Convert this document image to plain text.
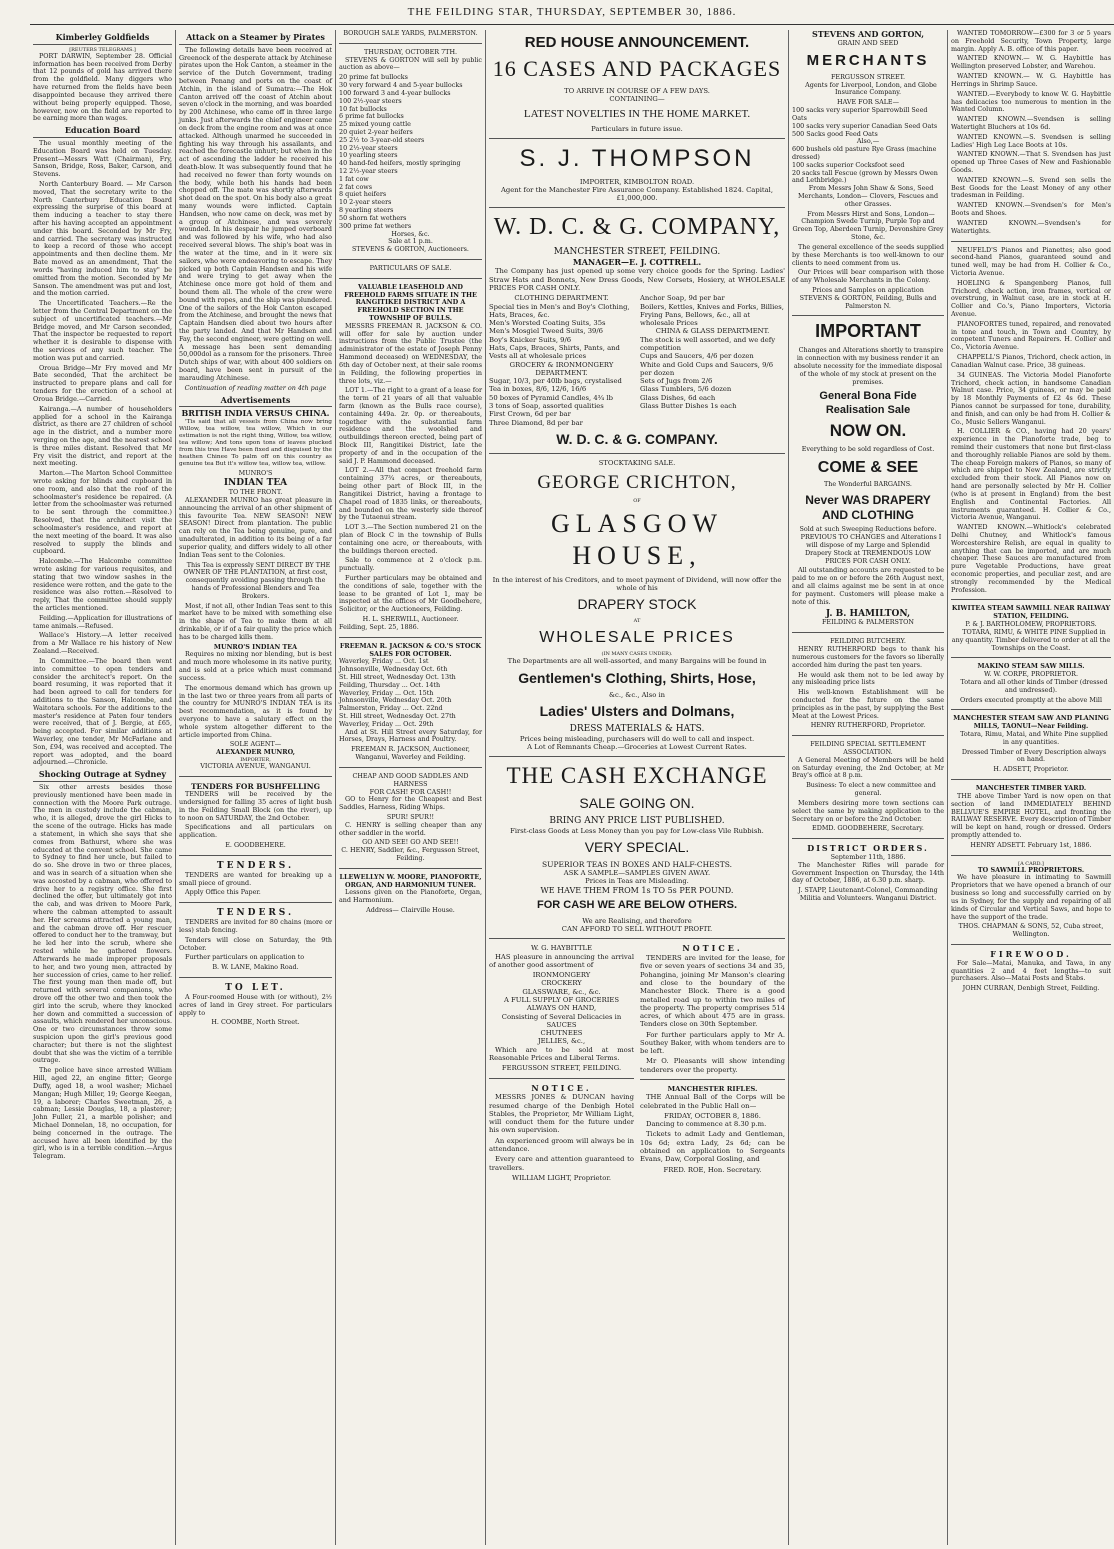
THE FEILDING STAR, THURSDAY, SEPTEMBER 30, 1886.
Kimberley Goldfields
[REUTERS TELEGRAMS.]

PORT DARWIN, September 28. Official information has been received from Derby that 12 pounds of gold has arrived there from the goldfield. Many diggers who have returned from the fields have been disappointed because they arrived there without being properly equipped. Those, however, now on the field are reported to be earning more than wages.

Education Board

The usual monthly meeting of the Education Board was held on Tuesday. Present—Messrs Watt (Chairman), Fry, Sanson, Bridge, Ross, Baker, Carson, and Stevens.

North Canterbury Board. — Mr Carson moved, That the secretary write to the North Canterbury Education Board expressing the surprise of this board at them inducing a teacher to stay there after his having accepted an appointment under this board. Seconded by Mr Fry, and carried. The secretary was instructed to keep a record of those who accept appointments and then decline them. Mr Bate moved as an amendment, That the words "having induced him to stay" be omitted from the motion. Seconded by Mr Sanson. The amendment was put and lost, and the motion carried.

The Uncertificated Teachers.—Re the letter from the Central Department on the subject of uncertificated teachers.—Mr Bridge moved, and Mr Carson seconded, That the inspector be requested to report whether it is desirable to dispense with the services of any such teacher. The motion was put and carried.

Oroua Bridge—Mr Fry moved and Mr Bate seconded, That the architect be instructed to prepare plans and call for tenders for the erection of a school at Oroua Bridge.—Carried.

Kairanga.—A number of householders applied for a school in the Kairanga district, as there are 27 children of school age in the district, and a number more verging on the age, and the nearest school is three miles distant. Resolved that Mr Fry visit the district, and report at the next meeting.

Marton.—The Marton School Committee wrote asking for blinds and cupboard in one room, and also that the roof of the schoolmaster's residence be repaired. (A letter from the schoolmaster was returned to be sent through the committee.) Resolved, that the architect visit the schoolmaster's residence, and report at the next meeting of the board. It was also resolved to supply the blinds and cupboard.

Halcombe.—The Halcombe committee wrote asking for various requisites, and stating that two window sashes in the residence were rotten, and the gate to the residence was also rotten.—Resolved to reply, That the committee should supply the articles mentioned.

Feilding.—Application for illustrations of tame animals.—Refused.

Wallace's History.—A letter received from a Mr Wallace re his history of New Zealand.—Received.

In Committee.—The board then went into committee to open tenders and consider the architect's report. On the board resuming, it was reported that it had been agreed to call for tenders for additions to the Sanson, Halcombe, and Waitotara schools. For the additions to the master's residence at Paten four tenders were received, that of J. Bergie, at £65, being accepted. For similar additions at Waverley, one tender, Mr McFarlane and Son, £94, was received and accepted. The report was adopted, and the board adjourned.—Chronicle.

Shocking Outrage at Sydney

Six other arrests besides those previously mentioned have been made in connection with the Moore Park outrage. The men in custody include the cabman, who, it is alleged, drove the girl Hicks to the scene of the outrage. Hicks has made a statement, in which she says that she comes from Bathurst, where she was educated at the convent school. She came to Sydney to find her uncle, but failed to do so. She drove in two or three places, and was in search of a situation when she was accosted by a cabman, who offered to drive her to a registry office. She first declined the offer, but ultimately got into the cab, and was driven to Moore Park, where the cabman attempted to assault her. Her screams attracted a young man, and the cabman drove off. Her rescuer offered to conduct her to the tramway, but he led her into the scrub, where she rested while he gathered flowers. Afterwards he made improper proposals to her, and two young men, attracted by her succession of cries, came to her relief. The first young man then made off, but returned with several companions, who drove off the other two and then took the girl into the scrub, where they knocked her down and committed a succession of assaults, which rendered her unconscious. One or two circumstances throw some suspicion upon the girl's previous good character; but there is not the slightest doubt that she was the victim of a terrible outrage.

The police have since arrested William Hill, aged 22, an engine fitter; George Duffy, aged 18, a wool washer; Michael Mangan; Hugh Miller, 19; George Keegan, 19, a laborer; Charles Sweetman, 26, a cabman; Lessie Douglas, 18, a plasterer; John Fuller, 21, a marble polisher; and Michael Donnelan, 18, no occupation, for being concerned in the outrage. The accused have all been identified by the girl, who is in a terrible condition.—Argus Telegram.

Attack on a Steamer by Pirates

The following details have been received at Greenock of the desperate attack by Atchinese pirates upon the Hok Canton, a steamer in the service of the Dutch Government, trading between Penang and ports on the coast of Atchin, in the island of Sumatra:—The Hok Canton arrived off the coast of Atchin about seven o'clock in the morning, and was boarded by 200 Atchinese, who came off in three large junks. Just afterwards the chief engineer came on deck from the engine room and was at once attacked. Although unarmed he succeeded in fighting his way through his assailants, and reached the forecastle unhurt; but when in the act of ascending the ladder he received his death-blow. It was subsequently found that he had received no fewer than forty wounds on the body, while both his hands had been chopped off. The mate was shortly afterwards shot dead on the spot. On his body also a great many wounds were inflicted. Captain Handsen, who now came on deck, was met by a group of Atchinese, and was severely wounded. In his despair he jumped overboard and was followed by his wife, who had also received several blows. The ship's boat was in the water at the time, and in it were six sailors, who were endeavoring to escape. They picked up both Captain Handsen and his wife and were trying to get away when the Atchinese once more got hold of them and bound them all. The whole of the crew were bound with ropes, and the ship was plundered. One of the sailors of the Hok Canton escaped from the Atchinese, and brought the news that Captain Handsen died about two hours after the party landed. And that Mr Handsen and Fay, the second engineer, were getting on well. A message has been sent demanding 50,000dol as a ransom for the prisoners. Three Dutch ships of war, with about 400 soldiers on board, have been sent in pursuit of the marauding Atchinese.

Continuation of reading matter on 4th page
Advertisements
BRITISH INDIA VERSUS CHINA.

'Tis said that all vessels from China now bring Willow, tea willow, tea willow, Which in our estimation is not the right thing, Willow, tea willow, tea willow; And tons upon tons of leaves plucked from this tree Have been fixed and disguised by the heathen Chinee To palm off on this country as genuine tea But it's willow tea, willow tea, willow.

MUNRO'S
INDIAN TEA
TO THE FRONT.

ALEXANDER MUNRO has great pleasure in announcing the arrival of an other shipment of this favourite Tea. NEW SEASON! NEW SEASON! Direct from plantation. The public can rely on the Tea being genuine, pure, and unadulterated, in addition to its being of a far superior quality, and differs widely to all other Indian Teas sent to the Colonies.

This Tea is expressly SENT DIRECT BY THE OWNER OF THE PLANTATION, at first cost, consequently avoiding passing through the hands of Professional Blenders and Tea Brokers.

Most, if not all, other Indian Teas sent to this market have to be mixed with something else in the shape of Tea to make them at all drinkable, or if of a fair quality the price which has to be charged kills them.

MUNRO'S INDIAN TEA

Requires no mixing nor blending, but is best and much more wholesome in its native purity, and is sold at a price which must command success.

The enormous demand which has grown up in the last two or three years from all parts of the country for MUNRO'S INDIAN TEA is its best recommendation, as it is found by everyone to have a salutary effect on the whole system altogether different to the article imported from China.

SOLE AGENT—
ALEXANDER MUNRO,
IMPORTER,
VICTORIA AVENUE, WANGANUI.
TENDERS FOR BUSHFELLING

TENDERS will be received by the undersigned for falling 35 acres of light bush in the Feilding Small Block (on the river), up to noon on SATURDAY, the 2nd October.

Specifications and all particulars on application.

E. GOODBEHERE.
TENDERS.

TENDERS are wanted for breaking up a small piece of ground.

Apply Office this Paper.

TENDERS.

TENDERS are invited for 80 chains (more or less) stab fencing.

Tenders will close on Saturday, the 9th October.

Further particulars on application to

B. W. LANE, Makino Road.
TO LET.

A Four-roomed House with (or without), 2½ acres of land in Grey street. For particulars apply to

H. COOMBE, North Street.
BOROUGH SALE YARDS, PALMERSTON.
THURSDAY, OCTOBER 7TH.

STEVENS & GORTON will sell by public auction as above—

20 prime fat bullocks
30 very forward 4 and 5-year bullocks
100 forward 3 and 4-year bullocks
100 2½-year steers
10 fat bullocks
6 prime fat bullocks
25 mixed young cattle
20 quiet 2-year heifers
25 2½ to 3-year-old steers
10 2½-year steers
10 yearling steers
40 hand-fed heifers, mostly springing
12 2½-year steers
1 fat cow
2 fat cows
8 quiet heifers
10 2-year steers
8 yearling steers
50 shorn fat wethers
300 prime fat wethers
Horses, &c.
Sale at 1 p.m.
STEVENS & GORTON, Auctioneers.
PARTICULARS OF SALE.
VALUABLE LEASEHOLD AND FREEHOLD FARMS SITUATE IN THE RANGITIKEI DISTRICT AND A FREEHOLD SECTION IN THE TOWNSHIP OF BULLS.

MESSRS FREEMAN R. JACKSON & CO. will offer for sale by auction under instructions from the Public Trustee (the administrator of the estate of Joseph Penny Hammond deceased) on WEDNESDAY, the 6th day of October next, at their sale rooms in Feilding, the following properties in three lots, viz.—

LOT 1.—The right to a grant of a lease for the term of 21 years of all that valuable farm (known as the Bulls race course), containing 449a. 2r. 0p. or thereabouts, together with the substantial farm residence and the woolshed and outbuildings thereon erected, being part of Block III, Rangitikei District, late the property of and in the occupation of the said J. P. Hammond deceased.

LOT 2.—All that compact freehold farm containing 37¾ acres, or thereabouts, being other part of Block III, in the Rangitikei District, having a frontage to Chapel road of 1835 links, or thereabouts, and bounded on the westerly side thereof by the Tutaenui stream.

LOT 3.—The Section numbered 21 on the plan of Block C in the township of Bulls containing one acre, or thereabouts, with the buildings thereon erected.

Sale to commence at 2 o'clock p.m. punctually.

Further particulars may be obtained and the conditions of sale, together with the lease to be granted of Lot 1, may be inspected at the offices of Mr Goodbehere, Solicitor, or the Auctioneers, Feilding.

H. L. SHERWILL, Auctioneer.
Feilding, Sept. 25, 1886.
FREEMAN R. JACKSON & CO.'S STOCK SALES FOR OCTOBER.
Waverley, Friday ... Oct. 1st
Johnsonville, Wednesday Oct. 6th
St. Hill street, Wednesday Oct. 13th
Feilding, Thursday ... Oct. 14th
Waverley, Friday ... Oct. 15th
Johnsonville, Wednesday Oct. 20th
Palmerston, Friday ... Oct. 22nd
St. Hill street, Wednesday Oct. 27th
Waverley, Friday ... Oct. 29th

And at St. Hill Street every Saturday, for Horses, Drays, Harness and Poultry.

FREEMAN R. JACKSON, Auctioneer, Wanganui, Waverley and Feilding.
CHEAP AND GOOD SADDLES AND HARNESS
FOR CASH! FOR CASH!!

GO to Henry for the Cheapest and Best Saddles, Harness, Riding Whips.

SPUR! SPUR!!

C. HENRY is selling cheaper than any other saddler in the world.

GO AND SEE! GO AND SEE!!
C. HENRY, Saddler, &c., Fergusson Street, Feilding.
LLEWELLYN W. MOORE, PIANOFORTE, ORGAN, AND HARMONIUM TUNER.

Lessons given on the Pianoforte, Organ, and Harmonium.

Address— Clairville House.
RED HOUSE ANNOUNCEMENT.
16 CASES AND PACKAGES
TO ARRIVE IN COURSE OF A FEW DAYS.
CONTAINING—
LATEST NOVELTIES IN THE HOME MARKET.
Particulars in future issue.
S. J. THOMPSON
IMPORTER, KIMBOLTON ROAD.
Agent for the Manchester Fire Assurance Company. Established 1824. Capital, £1,000,000.
W. D. C. & G. COMPANY,
MANCHESTER STREET, FEILDING.
MANAGER—E. J. COTTRELL.

The Company has just opened up some very choice goods for the Spring. Ladies' Straw Hats and Bonnets, New Dress Goods, New Corsets, Hosiery, at WHOLESALE PRICES FOR CASH ONLY.

CLOTHING DEPARTMENT.
Special ties in Men's and Boy's Clothing, Hats, Braces, &c.
Men's Worsted Coating Suits, 35s
Men's Mosgiel Tweed Suits, 39/6
Boy's Knicker Suits, 9/6
Hats, Caps, Braces, Shirts, Pants, and Vests all at wholesale prices
GROCERY & IRONMONGERY DEPARTMENT.
Sugar, 10/3, per 40lb bags, crystalised
Tea in boxes, 8/6, 12/6, 16/6
50 boxes of Pyramid Candles, 4¾ lb
3 tons of Soap, assorted qualities
First Crown, 6d per bar
Three Diamond, 8d per bar
Anchor Soap, 9d per bar
Boilers, Kettles, Knives and Forks, Billies, Frying Pans, Bellows, &c., all at wholesale Prices
CHINA & GLASS DEPARTMENT.
The stock is well assorted, and we defy competition
Cups and Saucers, 4/6 per dozen
White and Gold Cups and Saucers, 9/6 per dozen
Sets of Jugs from 2/6
Glass Tumblers, 5/6 dozen
Glass Dishes, 6d each
Glass Butter Dishes 1s each
W. D. C. & G. COMPANY.
STOCKTAKING SALE.
GEORGE CRICHTON,
OF
GLASGOW HOUSE,
In the interest of his Creditors, and to meet payment of Dividend, will now offer the whole of his
DRAPERY STOCK
AT
WHOLESALE PRICES
(IN MANY CASES UNDER).
The Departments are all well-assorted, and many Bargains will be found in
Gentlemen's Clothing, Shirts, Hose,
&c., &c., Also in
Ladies' Ulsters and Dolmans,
DRESS MATERIALS & HATS.
Prices being misleading, purchasers will do well to call and inspect.
A Lot of Remnants Cheap.—Groceries at Lowest Current Rates.
THE CASH EXCHANGE
SALE GOING ON.
BRING ANY PRICE LIST PUBLISHED.
First-class Goods at Less Money than you pay for Low-class Vile Rubbish.
VERY SPECIAL.
SUPERIOR TEAS IN BOXES AND HALF-CHESTS.
ASK A SAMPLE—SAMPLES GIVEN AWAY.
Prices in Teas are Misleading.
WE HAVE THEM FROM 1s TO 5s PER POUND.
FOR CASH WE ARE BELOW OTHERS.
We are Realising, and therefore
CAN AFFORD TO SELL WITHOUT PROFIT.
W. G. HAYBITTLE

HAS pleasure in announcing the arrival of another good assortment of

IRONMONGERY
CROCKERY
GLASSWARE, &c., &c.
A FULL SUPPLY OF GROCERIES ALWAYS ON HAND,
Consisting of Several Delicacies in
SAUCES
CHUTNEES
JELLIES, &c.,

Which are to be sold at most Reasonable Prices and Liberal Terms.

FERGUSSON STREET, FEILDING.
NOTICE.

MESSRS JONES & DUNCAN having resumed charge of the Denbigh Hotel Stables, the Proprietor, Mr William Light, will conduct them for the future under his own supervision.

An experienced groom will always be in attendance.

Every care and attention guaranteed to travellers.

WILLIAM LIGHT, Proprietor.
NOTICE.

TENDERS are invited for the lease, for five or seven years of sections 34 and 35, Pohangina, joining Mr Manson's clearing and close to the boundary of the Manchester Block. There is a good metalled road up to within two miles of the property. The property comprises 514 acres, of which about 475 are in grass. Tenders close on 30th September.

For further particulars apply to Mr A. Southey Baker, with whom tenders are to be left.

Mr O. Pleasants will show intending tenderers over the property.

MANCHESTER RIFLES.

THE Annual Ball of the Corps will be celebrated in the Public Hall on—

FRIDAY, OCTOBER 8, 1886.

Dancing to commence at 8.30 p.m.

Tickets to admit Lady and Gentleman, 10s 6d; extra Lady, 2s 6d; can be obtained on application to Sergeants Evans, Daw, Corporal Gosling, and

FRED. ROE, Hon. Secretary.
STEVENS AND GORTON,
GRAIN AND SEED
MERCHANTS
FERGUSSON STREET.

Agents for Liverpool, London, and Globe Insurance Company.

HAVE FOR SALE—
100 sacks very superior Sparrowbill Seed Oats
100 sacks very superior Canadian Seed Oats
500 Sacks good Feed Oats
Also,—
600 bushels old pasture Rye Grass (machine dressed)
100 sacks superior Cocksfoot seed
20 sacks tall Fescue (grown by Messrs Owen and Lethbridge.)

From Messrs John Shaw & Sons, Seed Merchants, London— Clovers, Fescues and other Grasses.

From Messrs Hirst and Sons, London— Champion Swede Turnip, Purple Top and Green Top, Aberdeen Turnip, Devonshire Grey Stone, &c.

The general excellence of the seeds supplied by these Merchants is too well-known to our clients to need comment from us.

Our Prices will bear comparison with those of any Wholesale Merchants in the Colony.

Prices and Samples on application
STEVENS & GORTON, Feilding, Bulls and Palmerston N.
IMPORTANT

Changes and Alterations shortly to transpire in connection with my business render it an absolute necessity for the immediate disposal of the whole of my stock at present on the premises.

General Bona Fide Realisation Sale
NOW ON.
Everything to be sold regardless of Cost.
COME & SEE
The Wonderful BARGAINS.
Never WAS DRAPERY AND CLOTHING
Sold at such Sweeping Reductions before.

PREVIOUS TO CHANGES and Alterations I will dispose of my Large and Splendid Drapery Stock at TREMENDOUS LOW PRICES FOR CASH ONLY.

All outstanding accounts are requested to be paid to me on or before the 26th August next, and all claims against me be sent in at once for payment. Customers will please make a note of this.

J. B. HAMILTON,
FEILDING & PALMERSTON
FEILDING BUTCHERY.

HENRY RUTHERFORD begs to thank his numerous customers for the favors so liberally accorded him during the past ten years.

He would ask them not to be led away by any misleading price lists

His well-known Establishment will be conducted for the future on the same principles as in the past, by supplying the Best Meat at the Lowest Prices.

HENRY RUTHERFORD, Proprietor.
FEILDING SPECIAL SETTLEMENT ASSOCIATION.

A General Meeting of Members will be held on Saturday evening, the 2nd October, at Mr Bray's office at 8 p.m.

Business: To elect a new committee and general.

Members desiring more town sections can select the same by making application to the Secretary on or before the 2nd October.

EDMD. GOODBEHERE, Secretary.
DISTRICT ORDERS.
September 11th, 1886.

The Manchester Rifles will parade for Government Inspection on Thursday, the 14th day of October, 1886, at 6.30 p.m. sharp.

J. STAPP, Lieutenant-Colonel, Commanding Militia and Volunteers. Wanganui District.

WANTED TOMORROW—£300 for 3 or 5 years on Freehold Security, Town Property, large margin. Apply A. B. office of this paper.

WANTED KNOWN.— W. G. Haybittle has Wellington preserved Lobster, and Warehou.

WANTED KNOWN.— W. G. Haybittle has Herrings in Shrimp Sauce.

WANTED.—Everybody to know W. G. Haybittle has delicacies too numerous to mention in the Wanted Column.

WANTED KNOWN.—Svendsen is selling Watertight Bluchers at 10s 6d.

WANTED KNOWN.—S. Svendsen is selling Ladies' High Leg Lace Boots at 10s.

WANTED KNOWN.—That S. Svendsen has just opened up Three Cases of New and Fashionable Goods.

WANTED KNOWN.—S. Svend sen sells the Best Goods for the Least Money of any other tradesman in Feilding.

WANTED KNOWN.—Svendsen's for Men's Boots and Shoes.

WANTED KNOWN.—Svendsen's for Watertights.

NEUFELD'S Pianos and Pianettes; also good second-hand Pianos, guaranteed sound and tuned well, may be had from H. Collier & Co., Victoria Avenue.

HOELING & Spangenberg Pianos, full Trichord, check action, iron frames, vertical or overstrung, in Walnut case, are in stock at H. Collier and Co.'s, Piano Importers, Victoria Avenue.

PIANOFORTES tuned, repaired, and renovated in tone and touch, in Town and Country, by competent Tuners and Repairers. H. Collier and Co., Victoria Avenue.

CHAPPELL'S Pianos, Trichord, check action, in Canadian Walnut case. Price, 38 guineas.

34 GUINEAS. The Victoria Model Pianoforte Trichord, check action, in handsome Canadian Walnut case. Price, 34 guineas, or may be paid by 18 Monthly Payments of £2 4s 6d. These Pianos cannot be surpassed for tone, durability, and finish, and can only be had from H. Collier & Co., Music Sellers Wanganui.

H. COLLIER & CO., having had 20 years' experience in the Pianoforte trade, beg to remind their customers that none but first-class and thoroughly reliable Pianos are sold by them. The cheap Foreign makers of Pianos, so many of which are shipped to New Zealand, are strictly excluded from their stock. All Pianos now on hand are personally selected by Mr H. Collier (who is at present in England) from the best English and Continental Factories. All instruments guaranteed. H. Collier & Co., Victoria Avenue, Wanganui.

WANTED KNOWN.—Whitlock's celebrated Delhi Chutney, and Whitlock's famous Worcestershire Relish, are equal in quality to anything that can be imported, and are much cheaper. These Sauces are manufactured from pure Vegetable Productions, have great economic properties, and peculiar zest, and are strongly recommended by the Medical Profession.

KIWITEA STEAM SAWMILL NEAR RAILWAY STATION, FEILDING.
P. & J. BARTHOLOMEW, PROPRIETORS.

TOTARA, RIMU, & WHITE PINE Supplied in any quantity. Timber delivered to order at all the Townships on the Coast.

MAKINO STEAM SAW MILLS.
W. W. CORPE, PROPRIETOR.

Totara and all other kinds of Timber (dressed and undressed).

Orders executed promptly at the above Mill
MANCHESTER STEAM SAW AND PLANING MILLS, TAONUI—Near Feilding.

Totara, Rimu, Matai, and White Pine supplied in any quantities.

Dressed Timber of Every Description always on hand.

H. ADSETT, Proprietor.
MANCHESTER TIMBER YARD.

THE above Timber Yard is now open on that section of land IMMEDIATELY BEHIND BELLVUE'S EMPIRE HOTEL, and fronting the RAILWAY RESERVE. Every description of Timber will be kept on hand, rough or dressed. Orders promptly attended to.

HENRY ADSETT. February 1st, 1886.
[A CARD.]
TO SAWMILL PROPRIETORS.

We have pleasure in intimating to Sawmill Proprietors that we have opened a branch of our business so long and successfully carried on by us in Sydney, for the supply and repairing of all kinds of Circular and Vertical Saws, and hope to have the support of the trade.

THOS. CHAPMAN & SONS, 52, Cuba street, Wellington.
FIREWOOD.

For Sale—Matai, Manuka, and Tawa, in any quantities 2 and 4 feet lengths—to suit purchasers. Also—Matai Posts and Stabs.

JOHN CURRAN, Denbigh Street, Feilding.
